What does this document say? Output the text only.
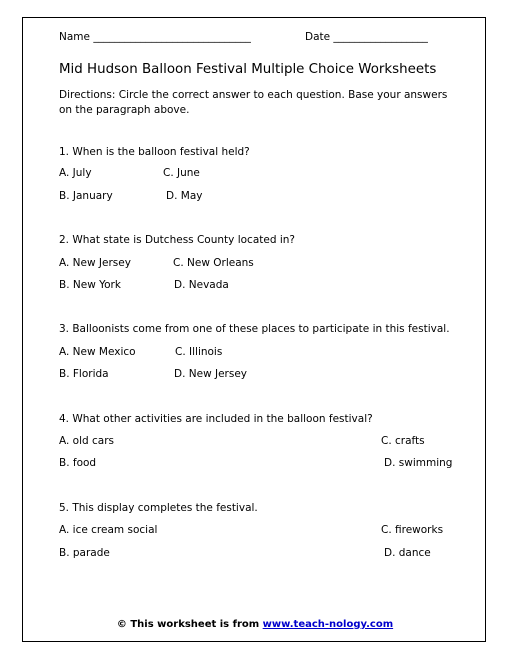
Name ______________________________	Date __________________
Mid Hudson Balloon Festival Multiple Choice Worksheets
Directions: Circle the correct answer to each question. Base your answers on the paragraph above.
1. When is the balloon festival held?
A. July	C. June
B. January	D. May
2. What state is Dutchess County located in?
A. New Jersey	C. New Orleans
B. New York	D. Nevada
3. Balloonists come from one of these places to participate in this festival.
A. New Mexico	C. Illinois
B. Florida	D. New Jersey
4. What other activities are included in the balloon festival?
A. old cars	C. crafts
B. food	D. swimming
5. This display completes the festival.
A. ice cream social	C. fireworks
B. parade	D. dance
© This worksheet is from www.teach-nology.com
